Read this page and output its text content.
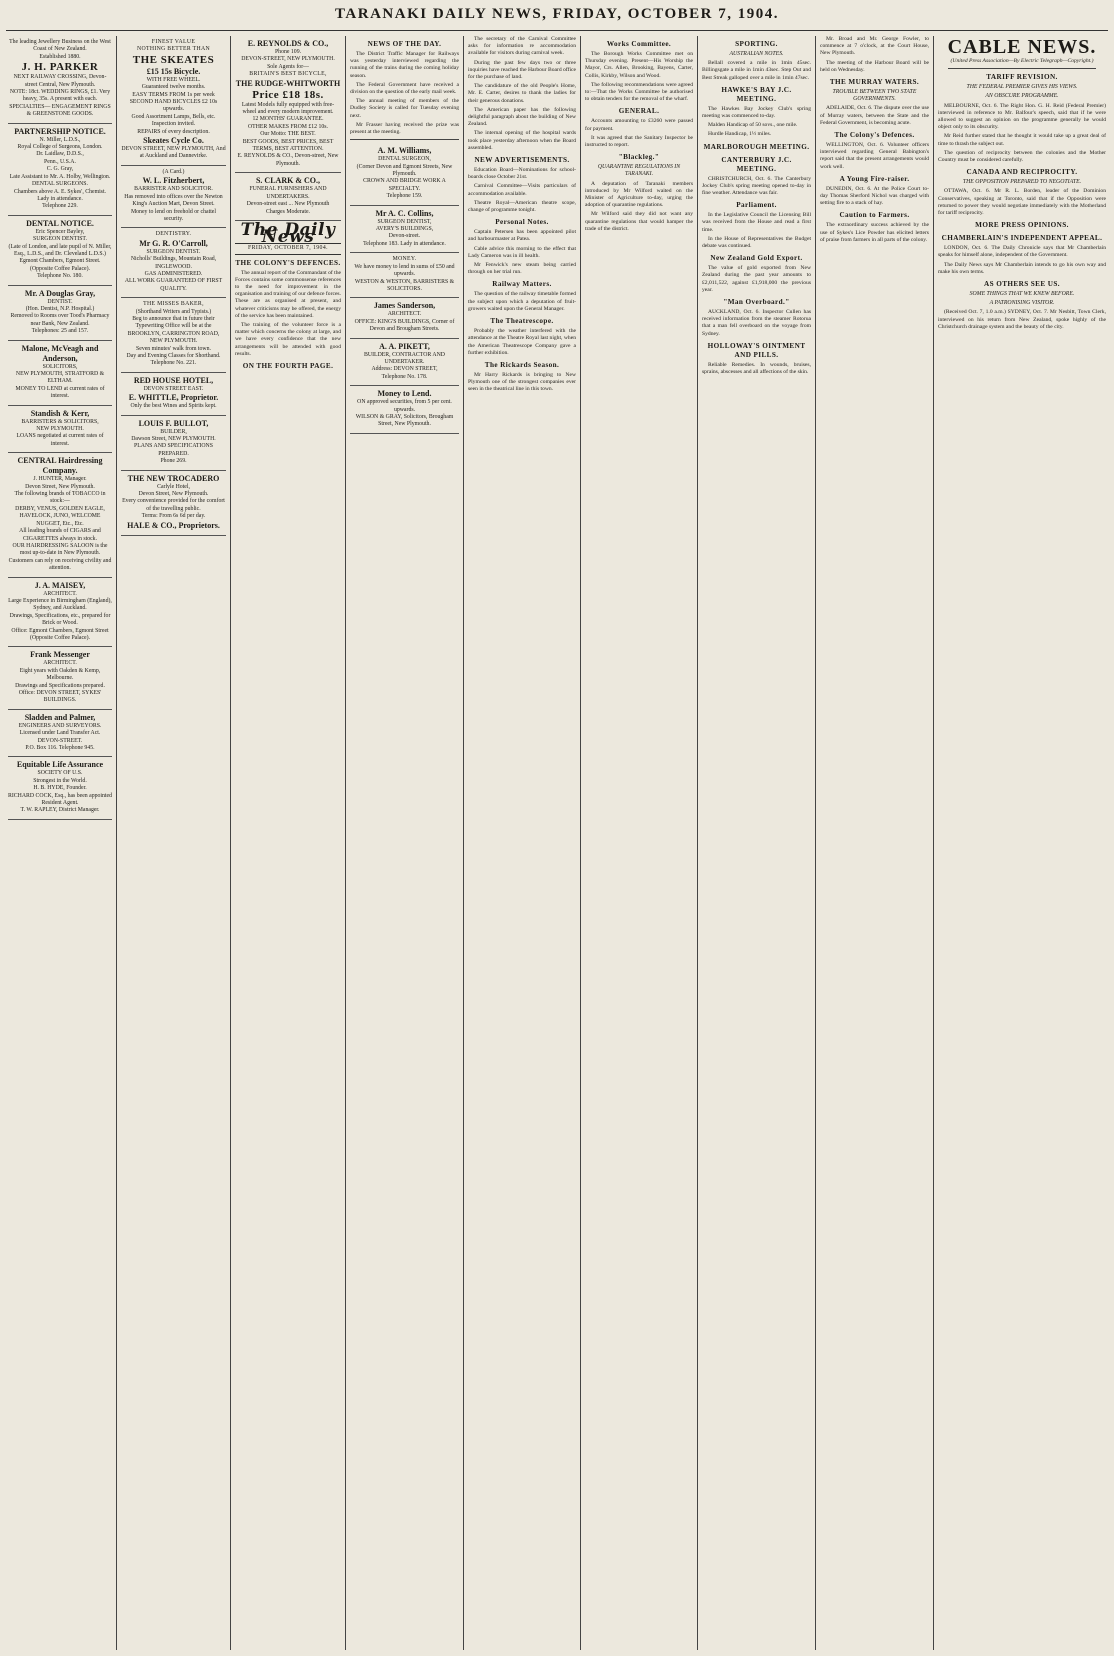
TARANAKI DAILY NEWS, FRIDAY, OCTOBER 7, 1904.
The leading Jewellery Business on the West Coast of New Zealand.
Established 1880.
J. H. PARKER
NEXT RAILWAY CROSSING, Devon-street Central, New Plymouth.
NOTE: 18ct. WEDDING RINGS, £1. Very heavy, 35s. A present with each.
SPECIALTIES— ENGAGEMENT RINGS & GREENSTONE GOODS.
PARTNERSHIP NOTICE.
N. Miller, L.D.S.,
Royal College of Surgeons, London.
Dr. Laidlaw, D.D.S.,
Penn., U.S.A.
C. G. Gray,
Late Assistant to Mr. A. Holby, Wellington.
DENTAL SURGEONS.
Chambers above A. E. Sykes', Chemist.
Lady in attendance.
Telephone 229.
DENTAL NOTICE.
Eric Spencer Bayley,
SURGEON DENTIST.
(Late of London, and late pupil of N. Miller, Esq., L.D.S., and Dr. Cleveland L.D.S.)
Egmont Chambers, Egmont Street. (Opposite Coffee Palace).
Telephone No. 180.
Mr. A Douglas Gray,
DENTIST.
(Hon. Dentist, N.P. Hospital.)
Removed to Rooms over Tood's Pharmacy near Bank, New Zealand.
Telephones: 25 and 157.
Malone, McVeagh and Anderson,
SOLICITORS,
NEW PLYMOUTH, STRATFORD & ELTHAM.
MONEY TO LEND at current rates of interest.
Standish & Kerr,
BARRISTERS & SOLICITORS,
NEW PLYMOUTH.
LOANS negotiated at current rates of interest.
CENTRAL Hairdressing Company.
J. HUNTER, Manager.
Devon Street, New Plymouth.
The following brands of TOBACCO in stock:—
DERBY, VENUS, GOLDEN EAGLE, HAVELOCK, JUNO, WELCOME NUGGET, Etc., Etc.
All leading brands of CIGARS and CIGARETTES always in stock.
OUR HAIRDRESSING SALOON is the most up-to-date in New Plymouth.
Customers can rely on receiving civility and attention.
J. A. MAISEY,
ARCHITECT.
Large Experience in Birmingham (England), Sydney, and Auckland.
Drawings, Specifications, etc., prepared for Brick or Wood.
Office: Egmont Chambers, Egmont Street (Opposite Coffee Palace).
Frank Messenger
ARCHITECT.
Eight years with Oakden & Kemp, Melbourne.
Drawings and Specifications prepared.
Office: DEVON STREET, SYKES' BUILDINGS.
Sladden and Palmer,
ENGINEERS AND SURVEYORS.
Licensed under Land Transfer Act.
DEVON-STREET.
P.O. Box 116. Telephone 945.
Equitable Life Assurance
SOCIETY OF U.S.
Strongest in the World.
H. B. HYDE, Founder.
RICHARD COCK, Esq., has been appointed Resident Agent.
T. W. RAPLEY, District Manager.
FINEST VALUE
NOTHING BETTER THAN
THE SKEATES
£15 15s Bicycle.
WITH FREE WHEEL.
Guaranteed twelve months.
EASY TERMS FROM 1s per week
SECOND HAND BICYCLES £2 10s upwards.
Good Assortment Lamps, Bells, etc.
Inspection invited.
REPAIRS of every description.
Skeates Cycle Co.
DEVON STREET, NEW PLYMOUTH, And at Auckland and Dannevirke.
(A Card.)
W. L. Fitzherbert,
BARRISTER AND SOLICITOR.
Has removed into offices over the Newton King's Auction Mart, Devon Street.
Money to lend on freehold or chattel security.
DENTISTRY.
Mr G. R. O'Carroll,
SURGEON DENTIST.
Nicholls' Buildings, Mountain Road, INGLEWOOD.
GAS ADMINISTERED.
ALL WORK GUARANTEED OF FIRST QUALITY.
THE MISSES BAKER,
(Shorthand Writers and Typists.)
Beg to announce that in future their Typewriting Office will be at the BROOKLYN, CARRINGTON ROAD, NEW PLYMOUTH.
Seven minutes' walk from town.
Day and Evening Classes for Shorthand.
Telephone No. 221.
RED HOUSE HOTEL,
DEVON STREET EAST.
E. WHITTLE, Proprietor.
Only the best Wines and Spirits kept.
LOUIS F. BULLOT,
BUILDER,
Dawson Street, NEW PLYMOUTH.
PLANS AND SPECIFICATIONS PREPARED.
Phone 269.
THE NEW TROCADERO
Carlyle Hotel,
Devon Street, New Plymouth.
Every convenience provided for the comfort of the travelling public.
Terms: From 6s 6d per day.
HALE & CO., Proprietors.
E. REYNOLDS & CO.,
Phone 109.
DEVON-STREET, NEW PLYMOUTH.
Sole Agents for—
BRITAIN'S BEST BICYCLE,
THE RUDGE-WHITWORTH
Price £18 18s.
Latest Models fully equipped with free-wheel and every modern improvement.
12 MONTHS' GUARANTEE.
OTHER MAKES FROM £12 10s.
Our Motto: THE BEST.
BEST GOODS, BEST PRICES, BEST TERMS, BEST ATTENTION.
E. REYNOLDS & CO., Devon-street, New Plymouth.
S. CLARK & CO.,
FUNERAL FURNISHERS AND UNDERTAKERS.
Devon-street east ... New Plymouth
Charges Moderate.
The Daily News
FRIDAY, OCTOBER 7, 1904.
THE COLONY'S DEFENCES.

The annual report of the Commandant of the Forces contains some commonsense references to the need for improvement in the organisation and training of our defence forces. These are as organised at present, and whatever criticisms may be offered, the energy of the service has been maintained.

The training of the volunteer force is a matter which concerns the colony at large, and we have every confidence that the new arrangements will be attended with good results.

ON THE FOURTH PAGE.
NEWS OF THE DAY.

The District Traffic Manager for Railways was yesterday interviewed regarding the running of the trains during the coming holiday season.

The Federal Government have received a division on the question of the early mail week.

The annual meeting of members of the Dudley Society is called for Tuesday evening next.

Mr Frasser having received the prize was present at the meeting.

A. M. Williams,
DENTAL SURGEON,
(Corner Devon and Egmont Streets, New Plymouth.
CROWN AND BRIDGE WORK A SPECIALTY.
Telephone 159.
Mr A. C. Collins,
SURGEON DENTIST,
AVERY'S BUILDINGS,
Devon-street.
Telephone 183. Lady in attendance.
MONEY.
We have money to lend in sums of £50 and upwards.
WESTON & WESTON, BARRISTERS & SOLICITORS.
James Sanderson,
ARCHITECT.
OFFICE: KING'S BUILDINGS, Corner of Devon and Brougham Streets.
A. A. PIKETT,
BUILDER, CONTRACTOR AND UNDERTAKER.
Address: DEVON STREET,
Telephone No. 178.
Money to Lend.
ON approved securities, from 5 per cent. upwards.
WILSON & GRAY, Solicitors, Brougham Street, New Plymouth.

The secretary of the Carnival Committee asks for information re accommodation available for visitors during carnival week.

During the past few days two or three inquiries have reached the Harbour Board office for the purchase of land.

The candidature of the old People's Home, Mr. E. Carter, desires to thank the ladies for their generous donations.

The American paper has the following delightful paragraph about the building of New Zealand.

The internal opening of the hospital wards took place yesterday afternoon when the Board assembled.

NEW ADVERTISEMENTS.

Education Board—Nominations for school-boards close October 21st.

Carnival Committee—Visits particulars of accommodation available.

Theatre Royal—American theatre scope, change of programme tonight.

Personal Notes.

Captain Petersen has been appointed pilot and harbourmaster at Patea.

Cable advice this morning to the effect that Lady Cameron was in ill health.

Mr Fenwick's new steam being carried through on her trial run.

Railway Matters.

The question of the railway timetable formed the subject upon which a deputation of fruit-growers waited upon the General Manager.

The Theatrescope.

Probably the weather interfered with the attendance at the Theatre Royal last night, when the American Theatrescope Company gave a further exhibition.

The Rickards Season.

Mr Harry Rickards is bringing to New Plymouth one of the strongest companies ever seen in the theatrical line in this town.

Works Committee.

The Borough Works Committee met on Thursday evening. Present—His Worship the Mayor, Crs. Allen, Brooking, Bayens, Carter, Collis, Kirkby, Wilson and Wood.

The following recommendations were agreed to:—That the Works Committee be authorised to obtain tenders for the removal of the wharf.

GENERAL.

Accounts amounting to £3260 were passed for payment.

It was agreed that the Sanitary Inspector be instructed to report.

"Blackleg."
QUARANTINE REGULATIONS IN TARANAKI.

A deputation of Taranaki members introduced by Mr Wilford waited on the Minister of Agriculture to-day, urging the adoption of quarantine regulations.

Mr Wilford said they did not want any quarantine regulations that would hamper the trade of the district.

SPORTING.
AUSTRALIAN NOTES.

Bellall covered a mile in 1min 45sec. Billingsgate a mile in 1min 43sec. Step Out and Best Streak galloped over a mile in 1min 47sec.

HAWKE'S BAY J.C. MEETING.

The Hawkes Bay Jockey Club's spring meeting was commenced to-day.

Malden Handicap of 50 sovs., one mile.

Hurdle Handicap, 1½ miles.

MARLBOROUGH MEETING.
CANTERBURY J.C. MEETING.

CHRISTCHURCH, Oct. 6. The Canterbury Jockey Club's spring meeting opened to-day in fine weather. Attendance was fair.

Parliament.

In the Legislative Council the Licensing Bill was received from the House and read a first time.

In the House of Representatives the Budget debate was continued.

New Zealand Gold Export.

The value of gold exported from New Zealand during the past year amounts to £2,011,522, against £1,918,000 the previous year.

"Man Overboard."

AUCKLAND, Oct. 6. Inspector Cullen has received information from the steamer Rotorua that a man fell overboard on the voyage from Sydney.

HOLLOWAY'S OINTMENT AND PILLS.

Reliable Remedies. In wounds, bruises, sprains, abscesses and all affections of the skin.

Mr. Broad and Mr. George Fowler, to commence at 7 o'clock, at the Court House, New Plymouth.

The meeting of the Harbour Board will be held on Wednesday.

THE MURRAY WATERS.
TROUBLE BETWEEN TWO STATE GOVERNMENTS.

ADELAIDE, Oct. 6. The dispute over the use of Murray waters, between the State and the Federal Government, is becoming acute.

The Colony's Defences.

WELLINGTON, Oct. 6. Volunteer officers interviewed regarding General Babington's report said that the present arrangements would work well.

A Young Fire-raiser.

DUNEDIN, Oct. 6. At the Police Court to-day Thomas Sherford Nichol was charged with setting fire to a stack of hay.

Caution to Farmers.

The extraordinary success achieved by the use of Sykes's Lice Powder has elicited letters of praise from farmers in all parts of the colony.

CABLE NEWS.
(United Press Association—By Electric Telegraph—Copyright.)
TARIFF REVISION.
THE FEDERAL PREMIER GIVES HIS VIEWS.
AN OBSCURE PROGRAMME.

MELBOURNE, Oct. 6. The Right Hon. G. H. Reid (Federal Premier) interviewed in reference to Mr. Balfour's speech, said that if he were allowed to suggest an opinion on the programme generally he would object only to its obscurity.

Mr Reid further stated that he thought it would take up a great deal of time to thrash the subject out.

The question of reciprocity between the colonies and the Mother Country must be considered carefully.

CANADA AND RECIPROCITY.
THE OPPOSITION PREPARED TO NEGOTIATE.

OTTAWA, Oct. 6. Mr R. L. Borden, leader of the Dominion Conservatives, speaking at Toronto, said that if the Opposition were returned to power they would negotiate immediately with the Motherland for tariff reciprocity.

MORE PRESS OPINIONS.
CHAMBERLAIN'S INDEPENDENT APPEAL.

LONDON, Oct. 6. The Daily Chronicle says that Mr Chamberlain speaks for himself alone, independent of the Government.

The Daily News says Mr Chamberlain intends to go his own way and make his own terms.

AS OTHERS SEE US.
SOME THINGS THAT WE KNEW BEFORE.
A PATRONISING VISITOR.

(Received Oct. 7, 1.0 a.m.) SYDNEY, Oct. 7. Mr Nesbitt, Town Clerk, interviewed on his return from New Zealand, spoke highly of the Christchurch drainage system and the beauty of the city.
